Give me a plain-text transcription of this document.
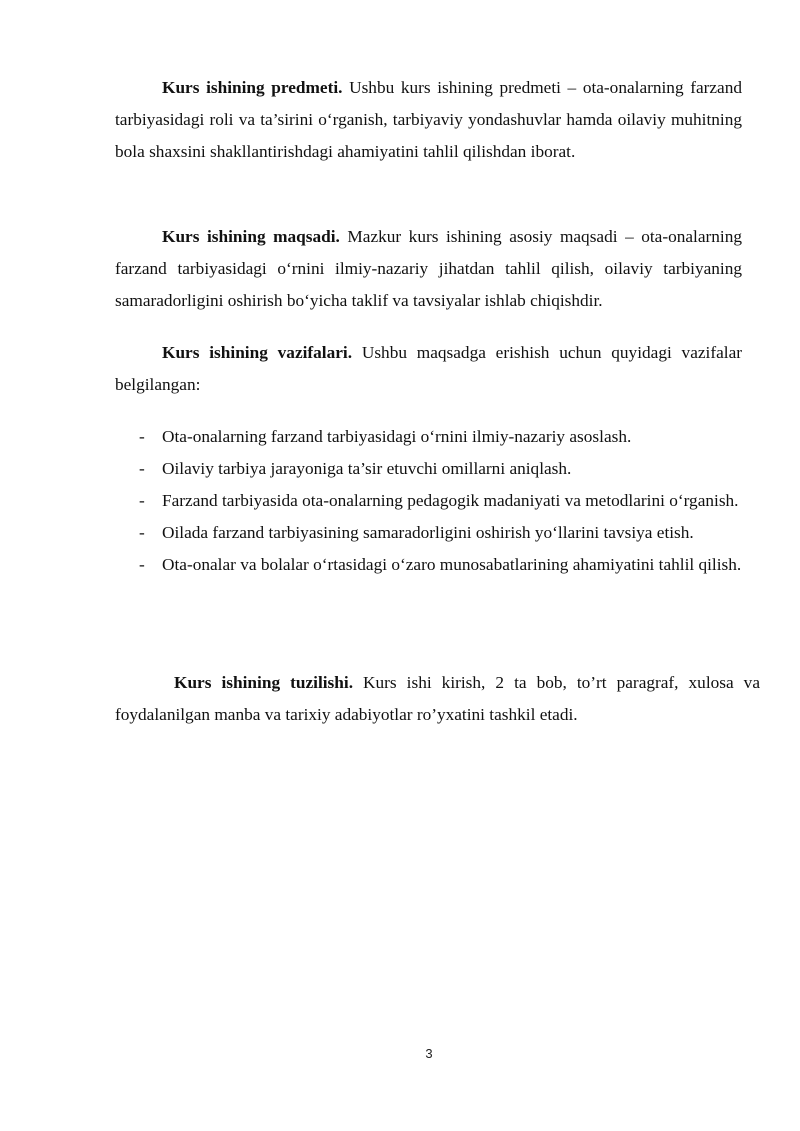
Kurs ishining predmeti. Ushbu kurs ishining predmeti – ota-onalarning farzand tarbiyasidagi roli va ta’sirini o‘rganish, tarbiyaviy yondashuvlar hamda oilaviy muhitning bola shaxsini shakllantirishdagi ahamiyatini tahlil qilishdan iborat.

Kurs ishining maqsadi. Mazkur kurs ishining asosiy maqsadi – ota-onalarning farzand tarbiyasidagi o‘rnini ilmiy-nazariy jihatdan tahlil qilish, oilaviy tarbiyaning samaradorligini oshirish bo‘yicha taklif va tavsiyalar ishlab chiqishdir.

Kurs ishining vazifalari. Ushbu maqsadga erishish uchun quyidagi vazifalar belgilangan:

- Ota-onalarning farzand tarbiyasidagi o‘rnini ilmiy-nazariy asoslash.
- Oilaviy tarbiya jarayoniga ta’sir etuvchi omillarni aniqlash.
- Farzand tarbiyasida ota-onalarning pedagogik madaniyati va metodlarini o‘rganish.
- Oilada farzand tarbiyasining samaradorligini oshirish yo‘llarini tavsiya etish.
- Ota-onalar va bolalar o‘rtasidagi o‘zaro munosabatlarining ahamiyatini tahlil qilish.

Kurs ishining tuzilishi. Kurs ishi kirish, 2 ta bob, to’rt paragraf, xulosa va foydalanilgan manba va tarixiy adabiyotlar ro’yxatini tashkil etadi.

3
